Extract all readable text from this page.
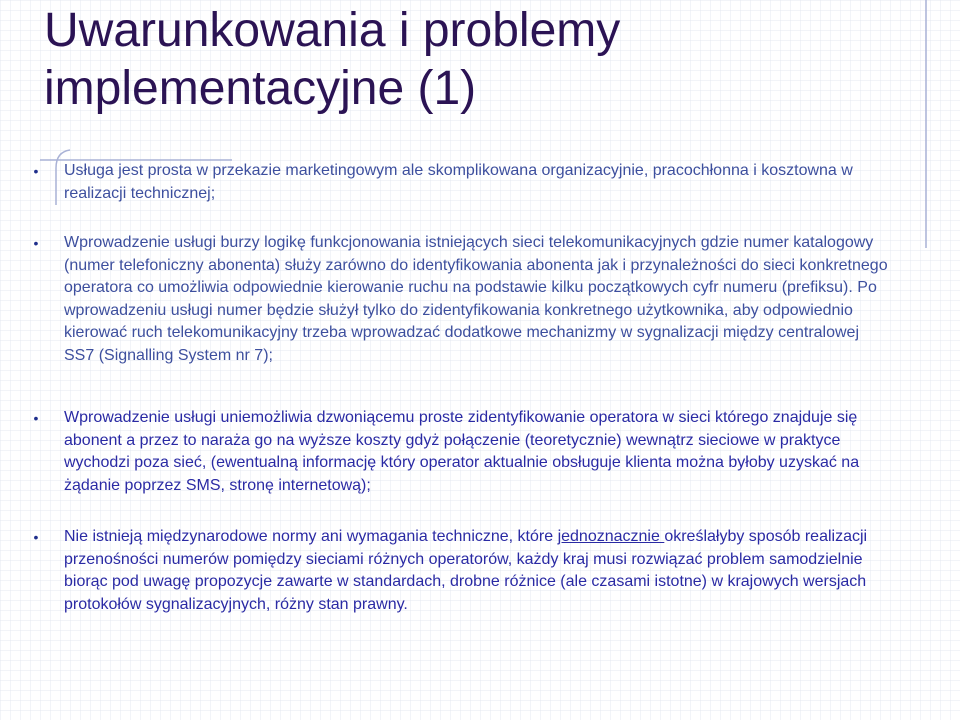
Uwarunkowania i problemy
implementacyjne (1)
•	Usługa jest prosta w przekazie marketingowym ale skomplikowana organizacyjnie, pracochłonna i kosztowna w realizacji technicznej;
•	Wprowadzenie usługi burzy logikę funkcjonowania istniejących sieci telekomunikacyjnych gdzie numer katalogowy (numer telefoniczny abonenta) służy zarówno do identyfikowania abonenta jak i przynależności do sieci konkretnego operatora co umożliwia odpowiednie kierowanie ruchu na podstawie kilku początkowych cyfr numeru (prefiksu). Po wprowadzeniu usługi numer będzie służył tylko do zidentyfikowania konkretnego użytkownika, aby odpowiednio kierować ruch telekomunikacyjny trzeba wprowadzać dodatkowe mechanizmy w sygnalizacji między centralowej SS7 (Signalling System nr 7);
•	Wprowadzenie usługi uniemożliwia dzwoniącemu proste zidentyfikowanie operatora w sieci którego znajduje się abonent a przez to naraża go na wyższe koszty gdyż połączenie (teoretycznie) wewnątrz sieciowe w praktyce wychodzi poza sieć, (ewentualną informację który operator aktualnie obsługuje klienta można byłoby uzyskać na żądanie poprzez SMS, stronę internetową);
•	Nie istnieją międzynarodowe normy ani wymagania techniczne, które jednoznacznie określałyby sposób realizacji przenośności numerów pomiędzy sieciami różnych operatorów, każdy kraj musi rozwiązać problem samodzielnie biorąc pod uwagę propozycje zawarte w standardach, drobne różnice (ale czasami istotne) w krajowych wersjach protokołów sygnalizacyjnych, różny stan prawny.
